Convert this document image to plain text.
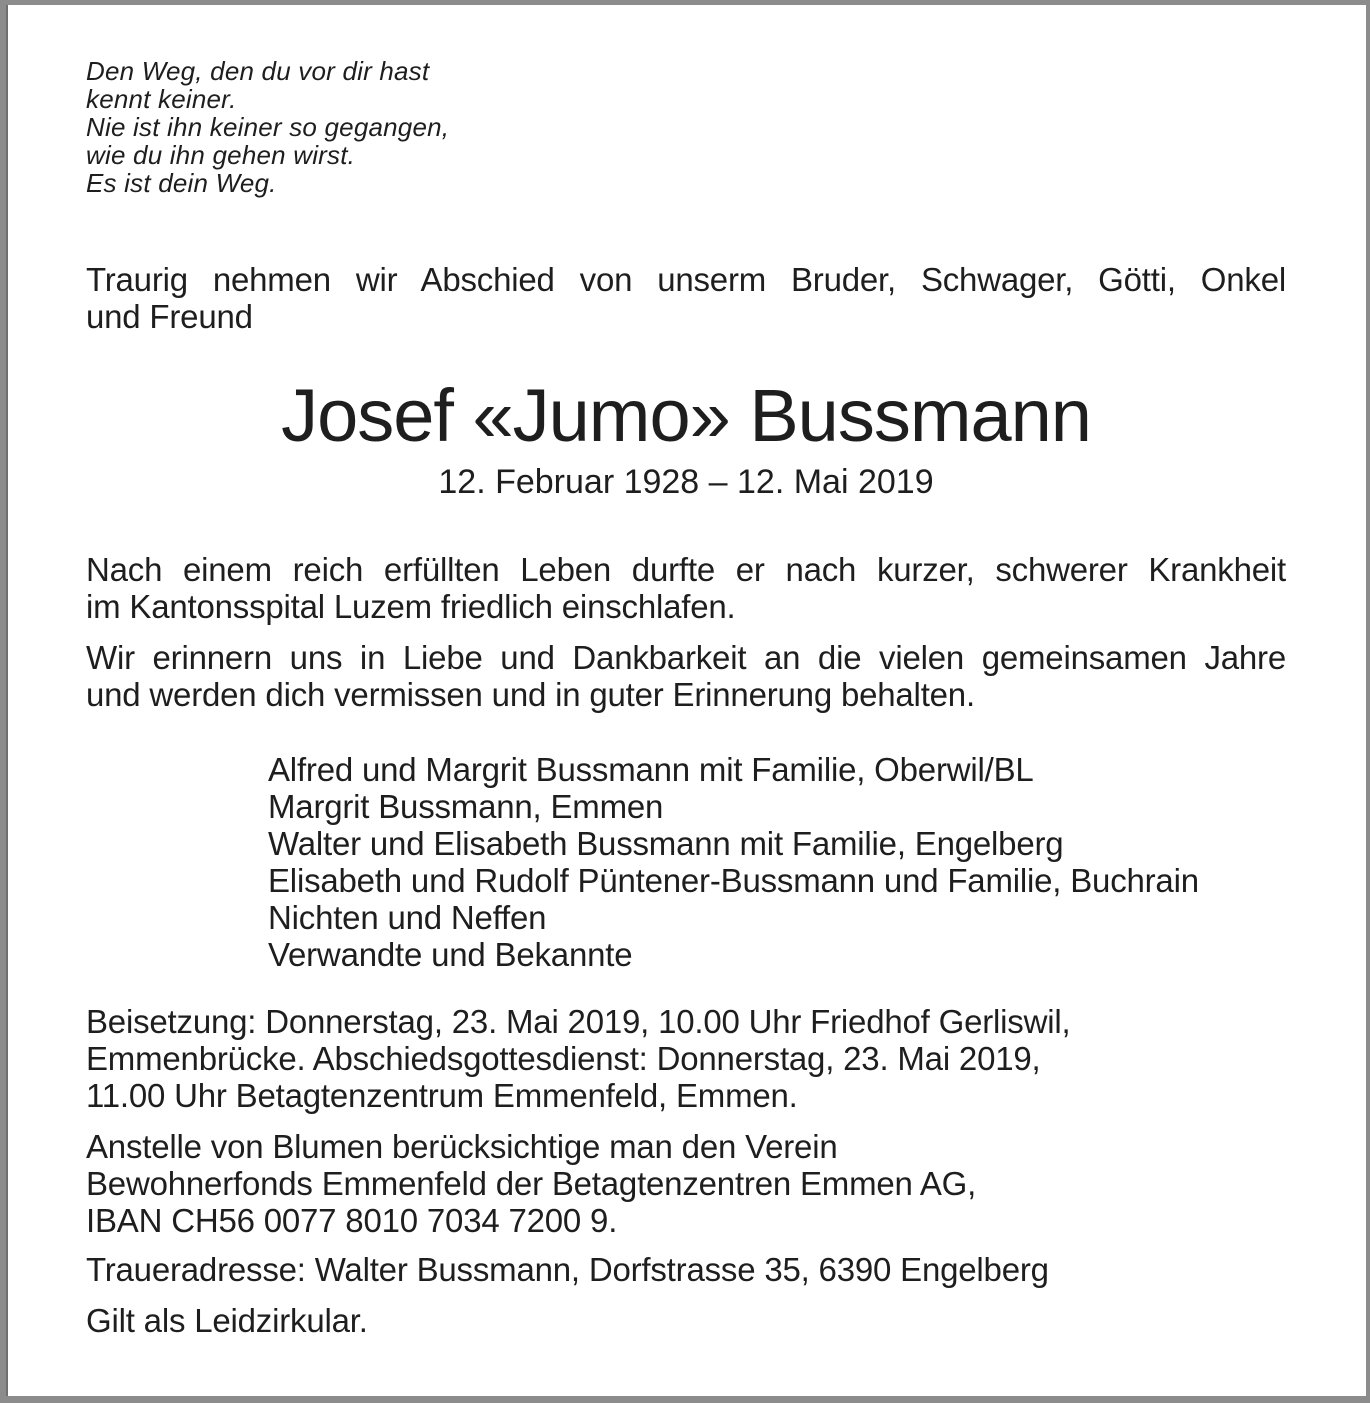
Den Weg, den du vor dir hast
kennt keiner.
Nie ist ihn keiner so gegangen,
wie du ihn gehen wirst.
Es ist dein Weg.
Traurig nehmen wir Abschied von unserm Bruder, Schwager, Götti, Onkel
und Freund
Josef «Jumo» Bussmann
12. Februar 1928 – 12. Mai 2019
Nach einem reich erfüllten Leben durfte er nach kurzer, schwerer Krankheit
im Kantonsspital Luzem friedlich einschlafen.
Wir erinnern uns in Liebe und Dankbarkeit an die vielen gemeinsamen Jahre
und werden dich vermissen und in guter Erinnerung behalten.
Alfred und Margrit Bussmann mit Familie, Oberwil/BL
Margrit Bussmann, Emmen
Walter und Elisabeth Bussmann mit Familie, Engelberg
Elisabeth und Rudolf Püntener-Bussmann und Familie, Buchrain
Nichten und Neffen
Verwandte und Bekannte
Beisetzung: Donnerstag, 23. Mai 2019, 10.00 Uhr Friedhof Gerliswil,
Emmenbrücke. Abschiedsgottesdienst: Donnerstag, 23. Mai 2019,
11.00 Uhr Betagtenzentrum Emmenfeld, Emmen.
Anstelle von Blumen berücksichtige man den Verein
Bewohnerfonds Emmenfeld der Betagtenzentren Emmen AG,
IBAN CH56 0077 8010 7034 7200 9.
Traueradresse: Walter Bussmann, Dorfstrasse 35, 6390 Engelberg
Gilt als Leidzirkular.
